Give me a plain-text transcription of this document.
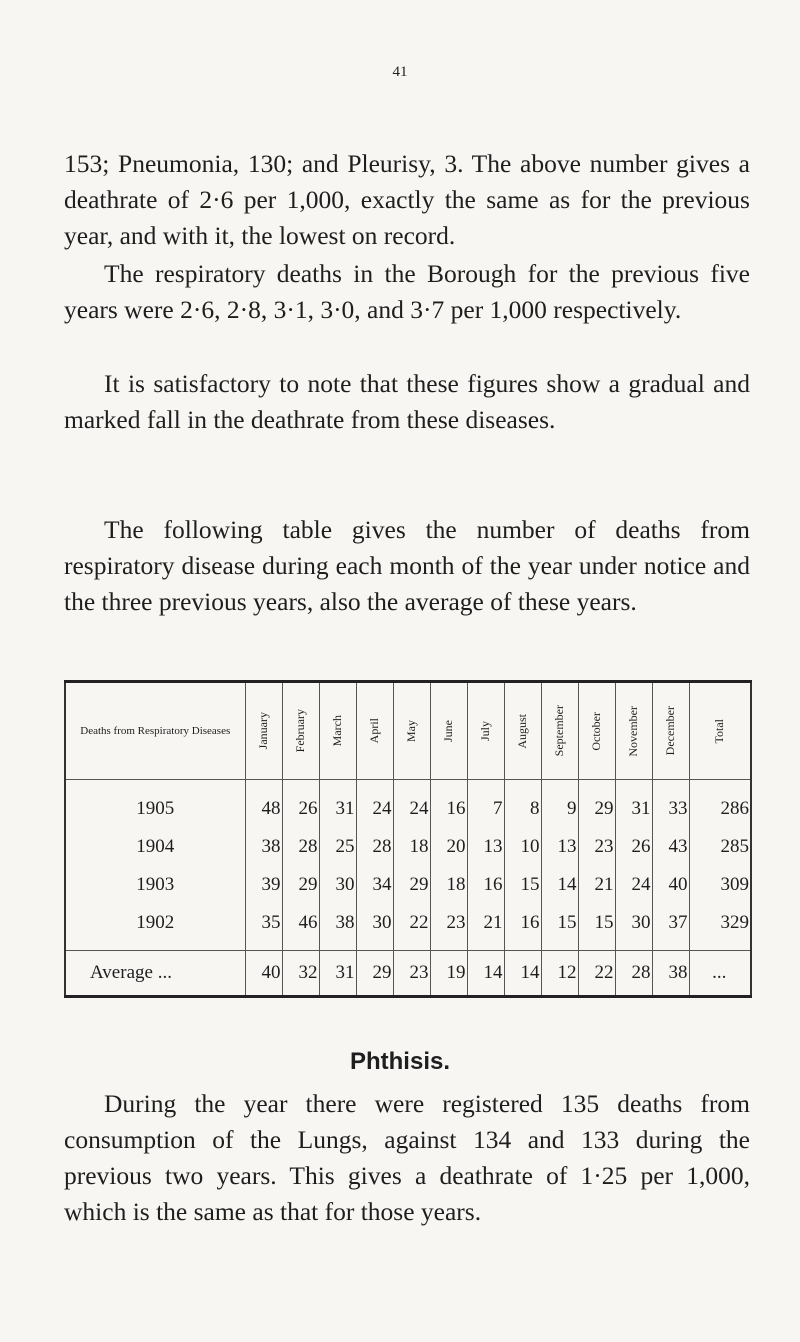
41

153; Pneumonia, 130; and Pleurisy, 3. The above number gives a deathrate of 2·6 per 1,000, exactly the same as for the previous year, and with it, the lowest on record.

The respiratory deaths in the Borough for the previous five years were 2·6, 2·8, 3·1, 3·0, and 3·7 per 1,000 respectively.

It is satisfactory to note that these figures show a gradual and marked fall in the deathrate from these diseases.

The following table gives the number of deaths from respiratory disease during each month of the year under notice and the three previous years, also the average of these years.

Deaths from Respiratory Diseases	January	February	March	April	May	June	July	August	September	October	November	December	Total

1905	48	26	31	24	24	16	7	8	9	29	31	33	286
1904	38	28	25	28	18	20	13	10	13	23	26	43	285
1903	39	29	30	34	29	18	16	15	14	21	24	40	309
1902	35	46	38	30	22	23	21	16	15	15	30	37	329
Average ...	40	32	31	29	23	19	14	14	12	22	28	38	...
Phthisis.

During the year there were registered 135 deaths from consumption of the Lungs, against 134 and 133 during the previous two years. This gives a deathrate of 1·25 per 1,000, which is the same as that for those years.
